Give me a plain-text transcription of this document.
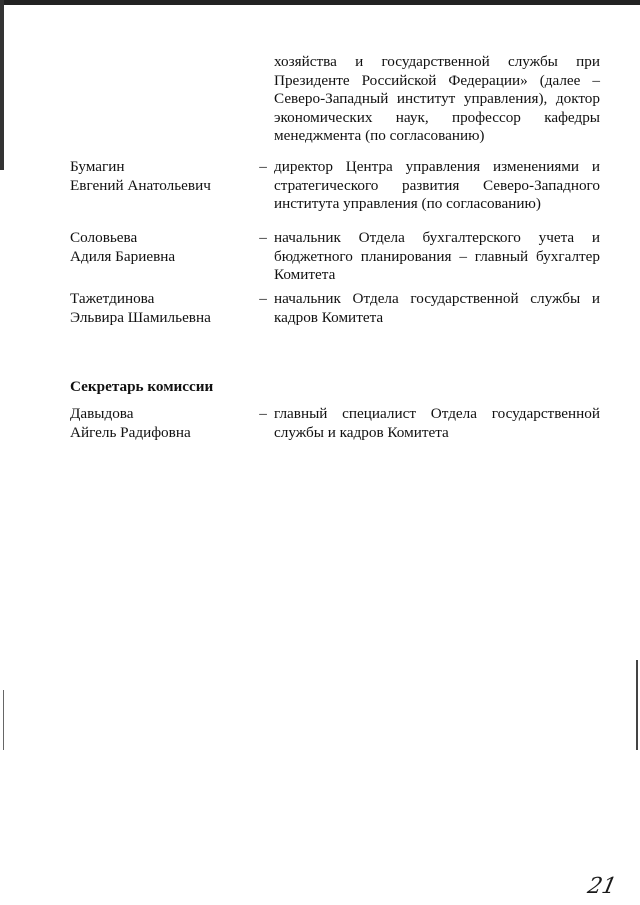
хозяйства и государственной службы при Президенте Российской Федерации» (далее – Северо-Западный институт управления), доктор экономических наук, профессор кафедры менеджмента (по согласованию)
Бумагин
Евгений Анатольевич
– директор Центра управления изменениями и стратегического развития Северо-Западного института управления (по согласованию)
Соловьева
Адиля Бариевна
– начальник Отдела бухгалтерского учета и бюджетного планирования – главный бухгалтер Комитета
Тажетдинова
Эльвира Шамильевна
– начальник Отдела государственной службы и кадров Комитета
Секретарь комиссии
Давыдова
Айгель Радифовна
– главный специалист Отдела государственной службы и кадров Комитета
21
